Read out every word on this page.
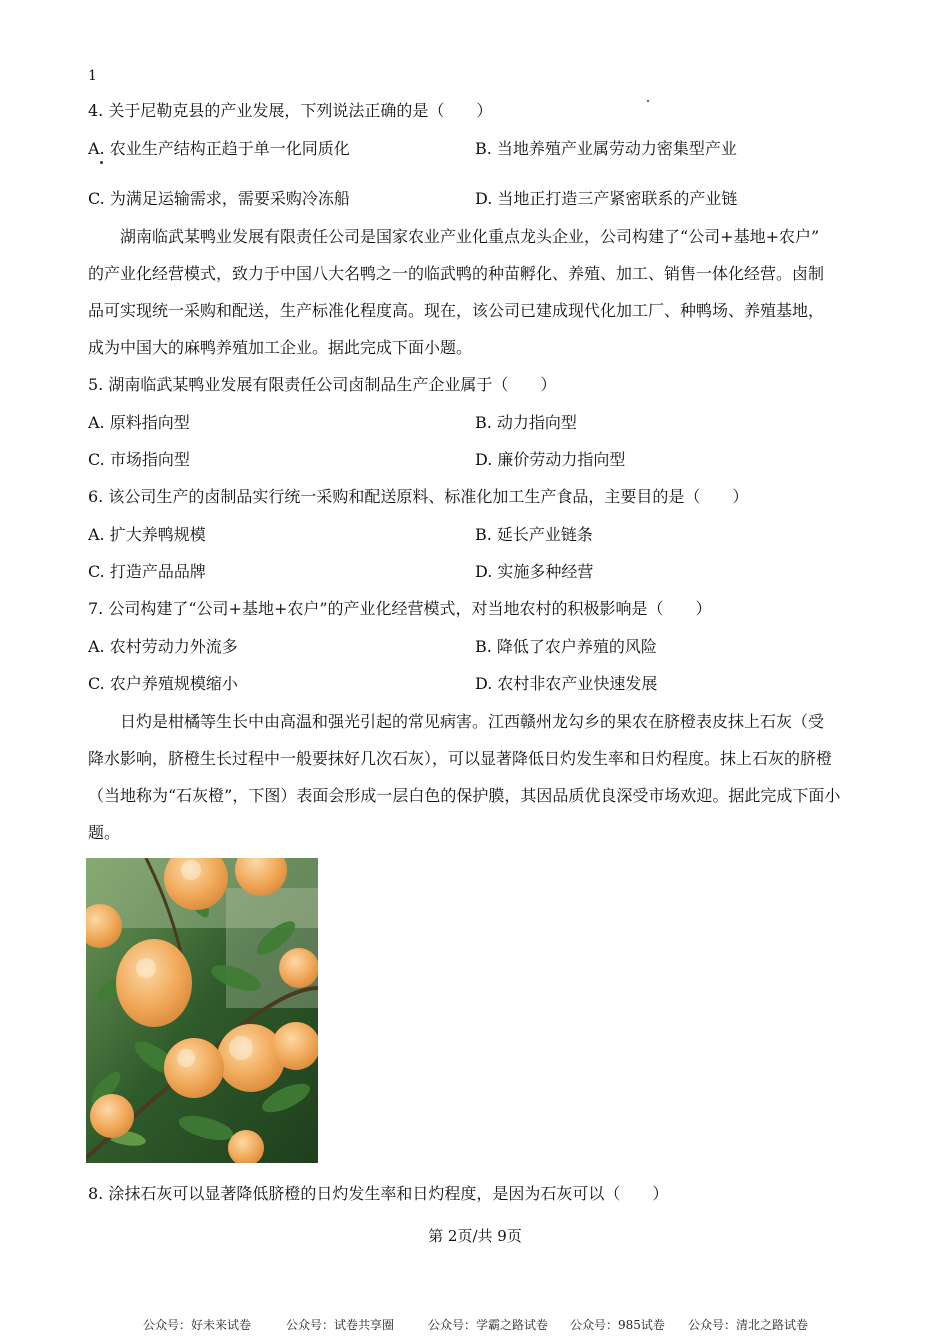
1
4. 关于尼勒克县的产业发展，下列说法正确的是（　　）
A. 农业生产结构正趋于单一化同质化	B. 当地养殖产业属劳动力密集型产业
C. 为满足运输需求，需要采购冷冻船	D. 当地正打造三产紧密联系的产业链
湖南临武某鸭业发展有限责任公司是国家农业产业化重点龙头企业，公司构建了“公司+基地+农户”
的产业化经营模式，致力于中国八大名鸭之一的临武鸭的种苗孵化、养殖、加工、销售一体化经营。卤制
品可实现统一采购和配送，生产标准化程度高。现在，该公司已建成现代化加工厂、种鸭场、养殖基地，
成为中国大的麻鸭养殖加工企业。据此完成下面小题。
5. 湖南临武某鸭业发展有限责任公司卤制品生产企业属于（　　）
A. 原料指向型	B. 动力指向型
C. 市场指向型	D. 廉价劳动力指向型
6. 该公司生产的卤制品实行统一采购和配送原料、标准化加工生产食品，主要目的是（　　）
A. 扩大养鸭规模	B. 延长产业链条
C. 打造产品品牌	D. 实施多种经营
7. 公司构建了“公司+基地+农户”的产业化经营模式，对当地农村的积极影响是（　　）
A. 农村劳动力外流多	B. 降低了农户养殖的风险
C. 农户养殖规模缩小	D. 农村非农产业快速发展
日灼是柑橘等生长中由高温和强光引起的常见病害。江西赣州龙勾乡的果农在脐橙表皮抹上石灰（受
降水影响，脐橙生长过程中一般要抹好几次石灰），可以显著降低日灼发生率和日灼程度。抹上石灰的脐橙
（当地称为“石灰橙”，下图）表面会形成一层白色的保护膜，其因品质优良深受市场欢迎。据此完成下面小
题。
8. 涂抹石灰可以显著降低脐橙的日灼发生率和日灼程度，是因为石灰可以（　　）
第 2页/共 9页
公众号：好未来试卷	公众号：试卷共享圈	公众号：学霸之路试卷 公众号：985试卷 公众号：清北之路试卷
